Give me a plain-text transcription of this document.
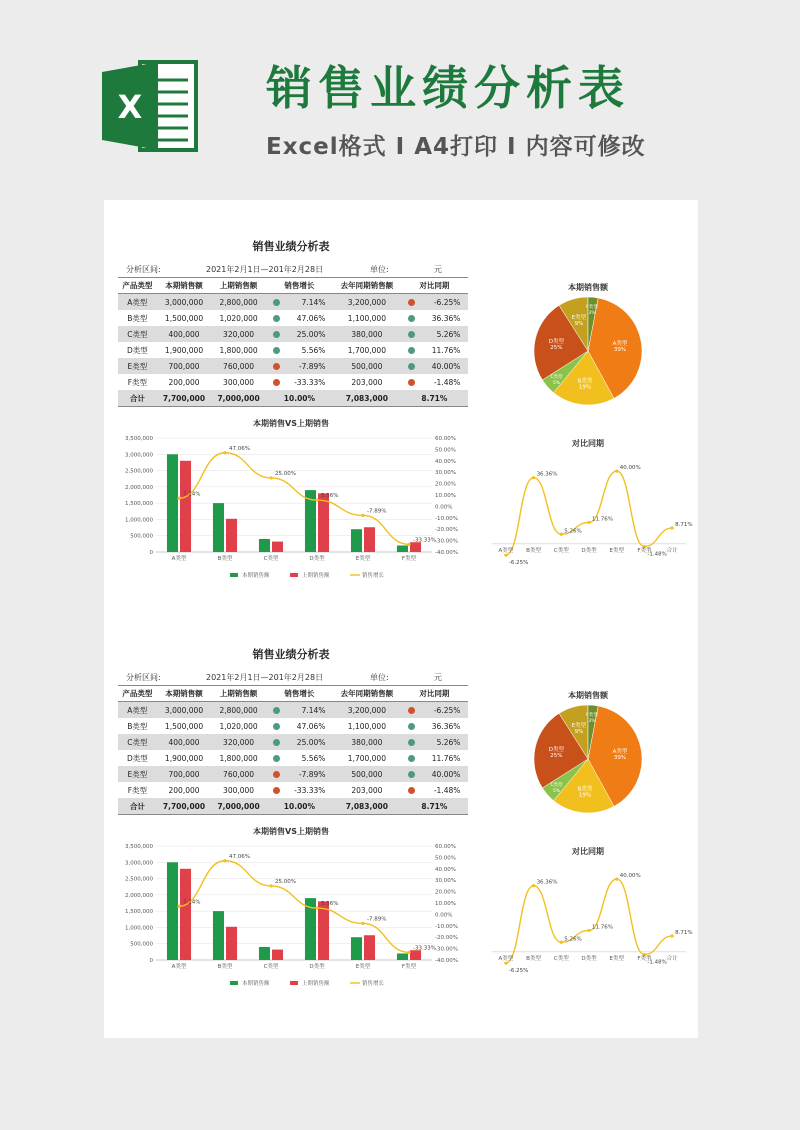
X	销售业绩分析表
Excel格式 I A4打印 I 内容可修改
销售业绩分析表
分析区间:	2021年2月1日—201年2月28日	单位:	元
产品类型	本期销售额	上期销售额	销售增长	去年同期销售额	对比同期
A类型	3,000,000	2,800,000	7.14%	3,200,000	-6.25%
B类型	1,500,000	1,020,000	47.06%	1,100,000	36.36%
C类型	400,000	320,000	25.00%	380,000	5.26%
D类型	1,900,000	1,800,000	5.56%	1,700,000	11.76%
E类型	700,000	760,000	-7.89%	500,000	40.00%
F类型	200,000	300,000	-33.33%	203,000	-1.48%
合计	7,700,000	7,000,000	10.00%	7,083,000	8.71%
本期销售VS上期销售
3,500,000
3,000,000
2,500,000
2,000,000
1,500,000
1,000,000
500,000
0
60.00%
50.00%
40.00%
30.00%
20.00%
10.00%
0.00%
-10.00%
-20.00%
-30.00%
-40.00%
A类型	B类型	C类型	D类型	E类型	F类型
7.14%
47.06%
25.00%
5.56%
-7.89%
-33.33%
本期销售额	上期销售额	销售增长
本期销售额
A类型
39%
B类型
19%
C类型
5%
D类型
25%
E类型
9%
F类型
3%
对比同期
-6.25%
A类型
36.36%
B类型
5.26%
C类型
11.76%
D类型
40.00%
E类型
-1.48%
F类型
8.71%
合计
销售业绩分析表
分析区间:	2021年2月1日—201年2月28日	单位:	元
产品类型	本期销售额	上期销售额	销售增长	去年同期销售额	对比同期
A类型	3,000,000	2,800,000	7.14%	3,200,000	-6.25%
B类型	1,500,000	1,020,000	47.06%	1,100,000	36.36%
C类型	400,000	320,000	25.00%	380,000	5.26%
D类型	1,900,000	1,800,000	5.56%	1,700,000	11.76%
E类型	700,000	760,000	-7.89%	500,000	40.00%
F类型	200,000	300,000	-33.33%	203,000	-1.48%
合计	7,700,000	7,000,000	10.00%	7,083,000	8.71%
本期销售VS上期销售
3,500,000
3,000,000
2,500,000
2,000,000
1,500,000
1,000,000
500,000
0
60.00%
50.00%
40.00%
30.00%
20.00%
10.00%
0.00%
-10.00%
-20.00%
-30.00%
-40.00%
A类型	B类型	C类型	D类型	E类型	F类型
7.14%
47.06%
25.00%
5.56%
-7.89%
-33.33%
本期销售额	上期销售额	销售增长
本期销售额
A类型
39%
B类型
19%
C类型
5%
D类型
25%
E类型
9%
F类型
3%
对比同期
-6.25%
A类型
36.36%
B类型
5.26%
C类型
11.76%
D类型
40.00%
E类型
-1.48%
F类型
8.71%
合计
